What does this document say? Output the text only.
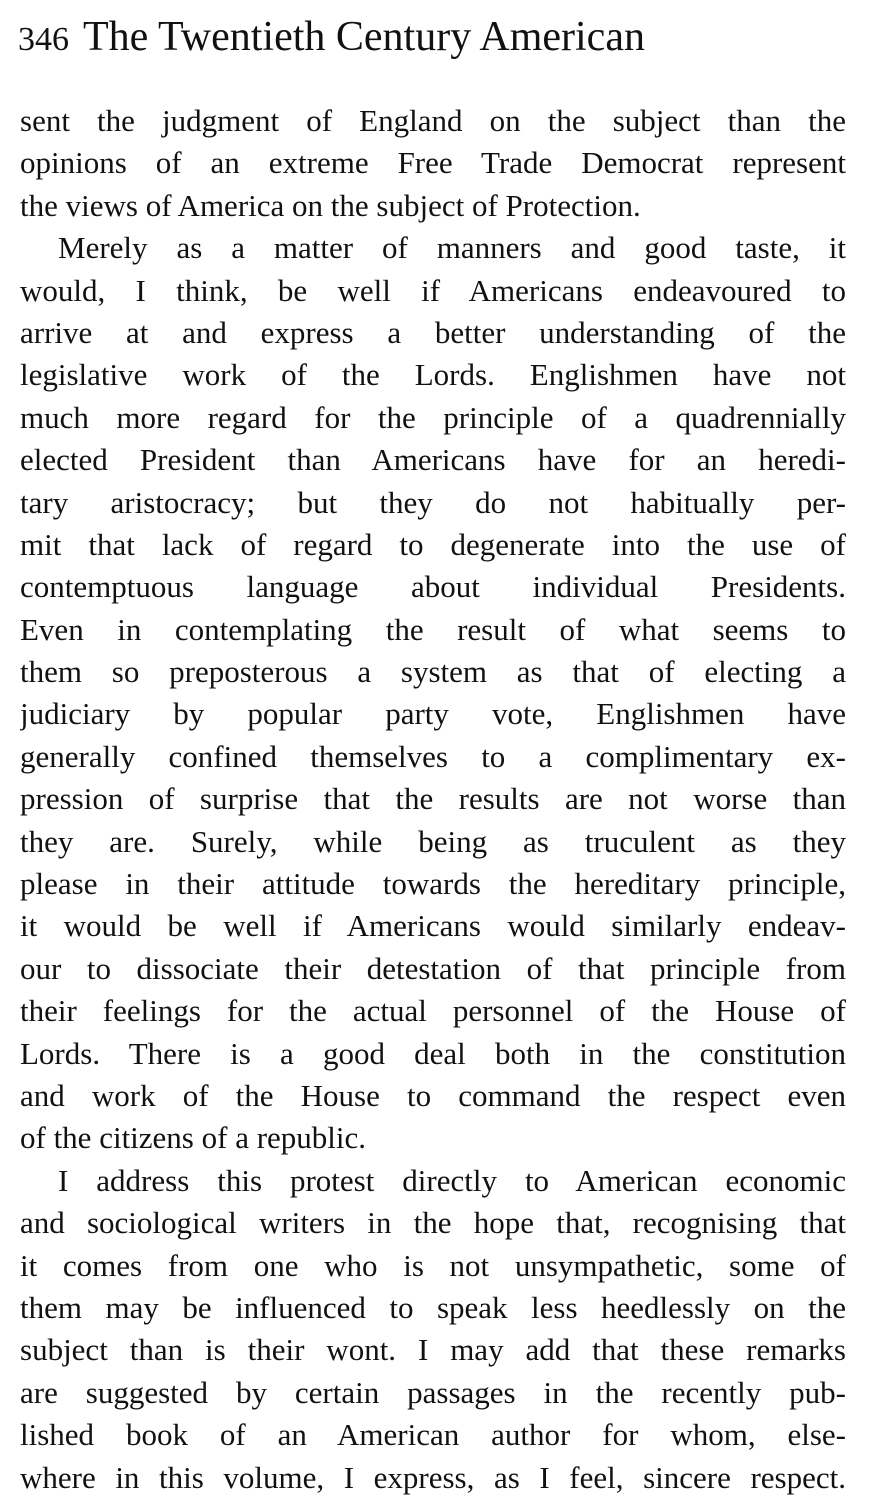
346 The Twentieth Century American
sent the judgment of England on the subject than the
opinions of an extreme Free Trade Democrat represent
the views of America on the subject of Protection.
Merely as a matter of manners and good taste, it
would, I think, be well if Americans endeavoured to
arrive at and express a better understanding of the
legislative work of the Lords. Englishmen have not
much more regard for the principle of a quadrennially
elected President than Americans have for an heredi-
tary aristocracy; but they do not habitually per-
mit that lack of regard to degenerate into the use of
contemptuous language about individual Presidents.
Even in contemplating the result of what seems to
them so preposterous a system as that of electing a
judiciary by popular party vote, Englishmen have
generally confined themselves to a complimentary ex-
pression of surprise that the results are not worse than
they are. Surely, while being as truculent as they
please in their attitude towards the hereditary principle,
it would be well if Americans would similarly endeav-
our to dissociate their detestation of that principle from
their feelings for the actual personnel of the House of
Lords. There is a good deal both in the constitution
and work of the House to command the respect even
of the citizens of a republic.
I address this protest directly to American economic
and sociological writers in the hope that, recognising that
it comes from one who is not unsympathetic, some of
them may be influenced to speak less heedlessly on the
subject than is their wont. I may add that these remarks
are suggested by certain passages in the recently pub-
lished book of an American author for whom, else-
where in this volume, I express, as I feel, sincere respect.
